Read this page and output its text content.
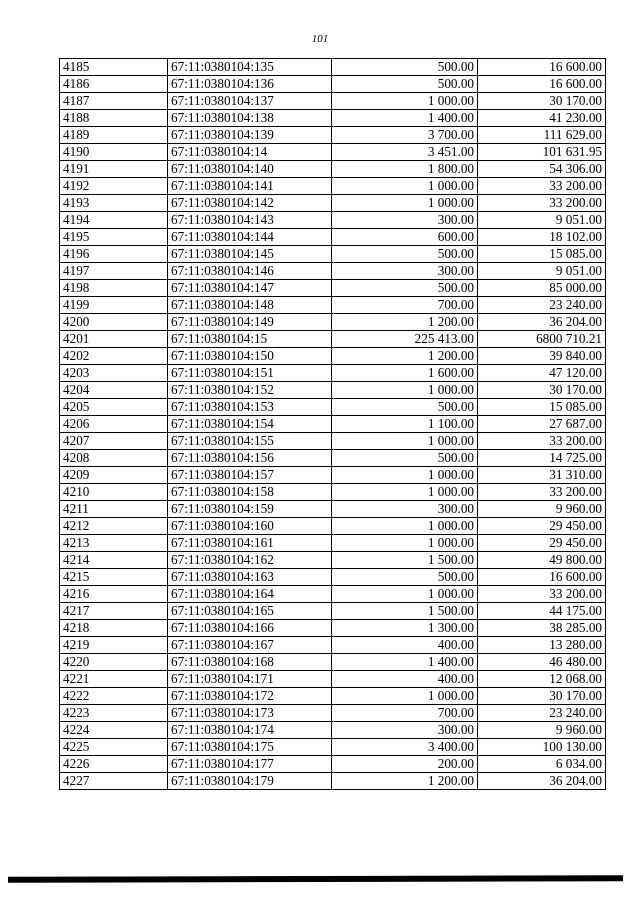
101
4185	67:11:0380104:135	500.00	16 600.00
4186	67:11:0380104:136	500.00	16 600.00
4187	67:11:0380104:137	1 000.00	30 170.00
4188	67:11:0380104:138	1 400.00	41 230.00
4189	67:11:0380104:139	3 700.00	111 629.00
4190	67:11:0380104:14	3 451.00	101 631.95
4191	67:11:0380104:140	1 800.00	54 306.00
4192	67:11:0380104:141	1 000.00	33 200.00
4193	67:11:0380104:142	1 000.00	33 200.00
4194	67:11:0380104:143	300.00	9 051.00
4195	67:11:0380104:144	600.00	18 102.00
4196	67:11:0380104:145	500.00	15 085.00
4197	67:11:0380104:146	300.00	9 051.00
4198	67:11:0380104:147	500.00	85 000.00
4199	67:11:0380104:148	700.00	23 240.00
4200	67:11:0380104:149	1 200.00	36 204.00
4201	67:11:0380104:15	225 413.00	6800 710.21
4202	67:11:0380104:150	1 200.00	39 840.00
4203	67:11:0380104:151	1 600.00	47 120.00
4204	67:11:0380104:152	1 000.00	30 170.00
4205	67:11:0380104:153	500.00	15 085.00
4206	67:11:0380104:154	1 100.00	27 687.00
4207	67:11:0380104:155	1 000.00	33 200.00
4208	67:11:0380104:156	500.00	14 725.00
4209	67:11:0380104:157	1 000.00	31 310.00
4210	67:11:0380104:158	1 000.00	33 200.00
4211	67:11:0380104:159	300.00	9 960.00
4212	67:11:0380104:160	1 000.00	29 450.00
4213	67:11:0380104:161	1 000.00	29 450.00
4214	67:11:0380104:162	1 500.00	49 800.00
4215	67:11:0380104:163	500.00	16 600.00
4216	67:11:0380104:164	1 000.00	33 200.00
4217	67:11:0380104:165	1 500.00	44 175.00
4218	67:11:0380104:166	1 300.00	38 285.00
4219	67:11:0380104:167	400.00	13 280.00
4220	67:11:0380104:168	1 400.00	46 480.00
4221	67:11:0380104:171	400.00	12 068.00
4222	67:11:0380104:172	1 000.00	30 170.00
4223	67:11:0380104:173	700.00	23 240.00
4224	67:11:0380104:174	300.00	9 960.00
4225	67:11:0380104:175	3 400.00	100 130.00
4226	67:11:0380104:177	200.00	6 034.00
4227	67:11:0380104:179	1 200.00	36 204.00
